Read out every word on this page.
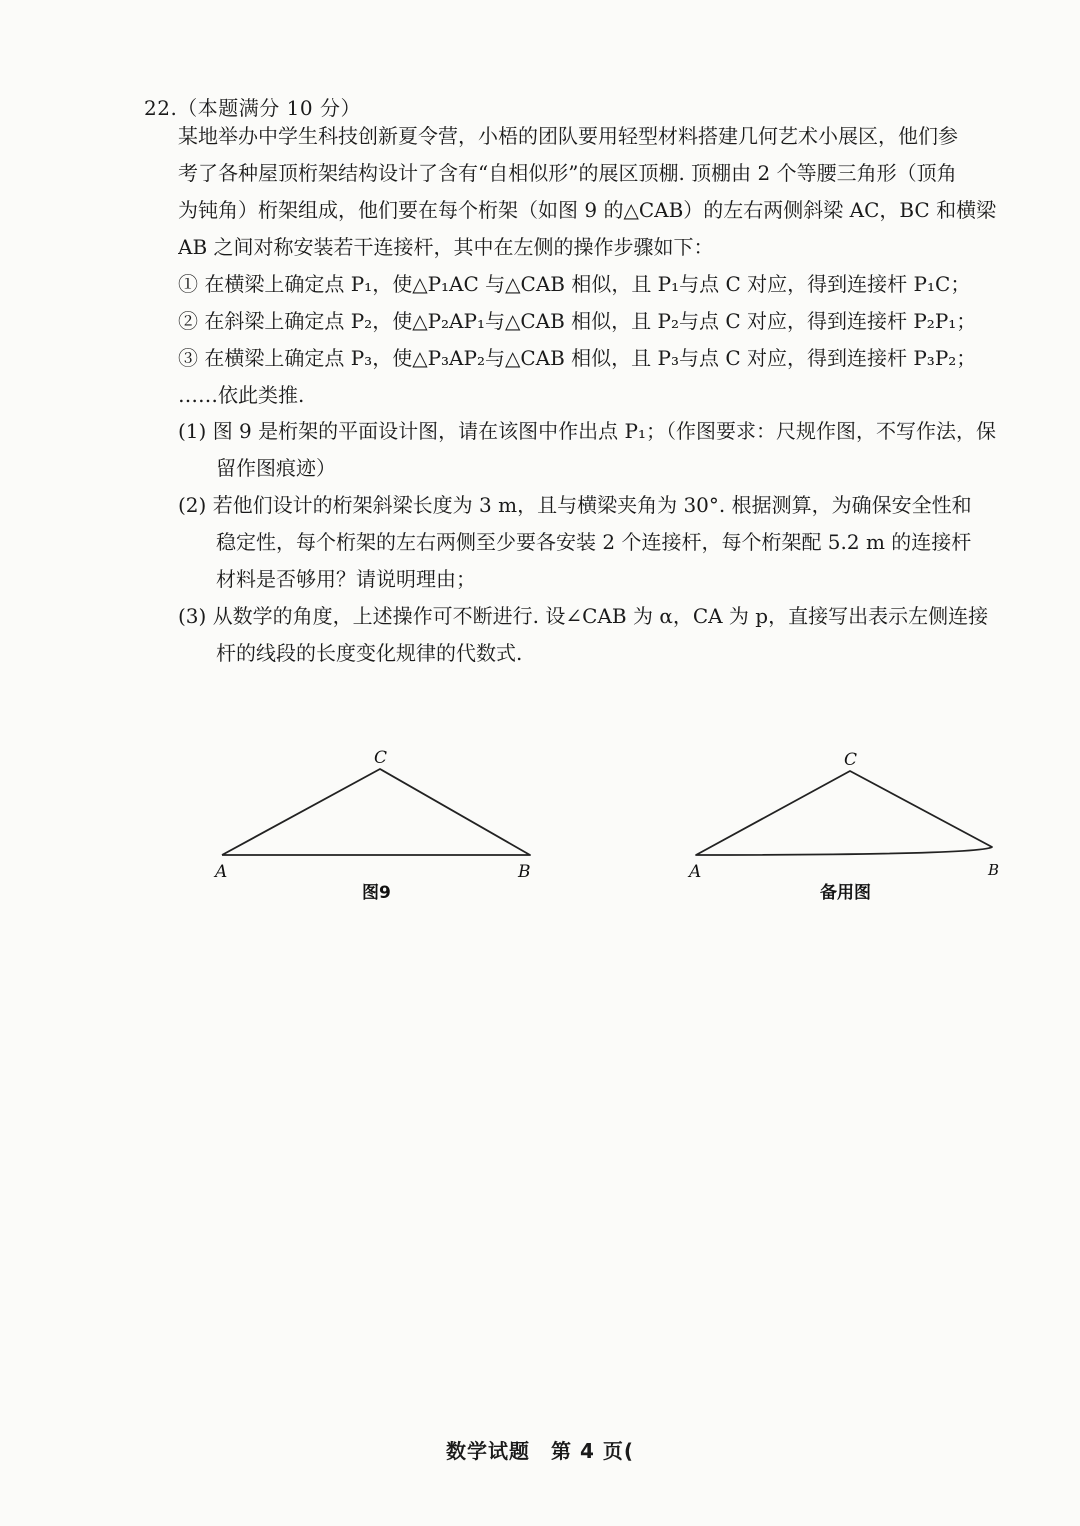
22.（本题满分 10 分）
某地举办中学生科技创新夏令营，小梧的团队要用轻型材料搭建几何艺术小展区，他们参
考了各种屋顶桁架结构设计了含有“自相似形”的展区顶棚. 顶棚由 2 个等腰三角形（顶角
为钝角）桁架组成，他们要在每个桁架（如图 9 的△CAB）的左右两侧斜梁 AC，BC 和横梁
AB 之间对称安装若干连接杆，其中在左侧的操作步骤如下：
① 在横梁上确定点 P₁，使△P₁AC 与△CAB 相似，且 P₁与点 C 对应，得到连接杆 P₁C；
② 在斜梁上确定点 P₂，使△P₂AP₁与△CAB 相似，且 P₂与点 C 对应，得到连接杆 P₂P₁；
③ 在横梁上确定点 P₃，使△P₃AP₂与△CAB 相似，且 P₃与点 C 对应，得到连接杆 P₃P₂；
……依此类推.
(1) 图 9 是桁架的平面设计图，请在该图中作出点 P₁；（作图要求：尺规作图，不写作法，保
留作图痕迹）
(2) 若他们设计的桁架斜梁长度为 3 m，且与横梁夹角为 30°. 根据测算，为确保安全性和
稳定性，每个桁架的左右两侧至少要各安装 2 个连接杆，每个桁架配 5.2 m 的连接杆
材料是否够用？请说明理由；
(3) 从数学的角度，上述操作可不断进行. 设∠CAB 为 α，CA 为 p，直接写出表示左侧连接
杆的线段的长度变化规律的代数式.
C
A	B
图9
C
A	B
备用图
数学试题　第 4 页(
